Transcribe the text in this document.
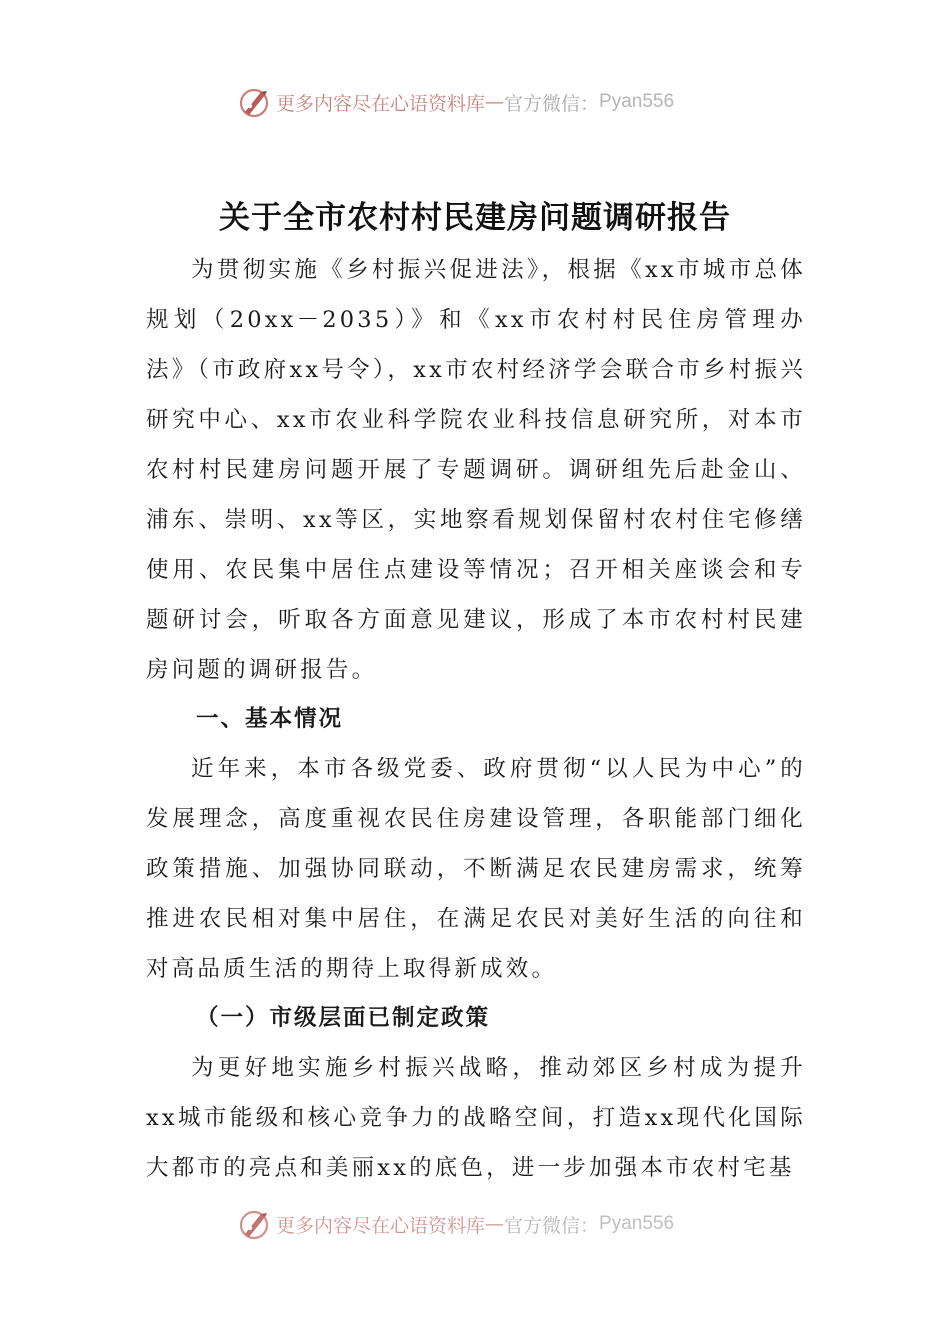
更多内容尽在心语资料库 — 官方微信： Pyan556
关于全市农村村民建房问题调研报告

为贯彻实施《乡村振兴促进法》，根据《xx市城市总体规划（20xx－2035）》和《xx市农村村民住房管理办法》（市政府xx号令），xx市农村经济学会联合市乡村振兴研究中心、xx市农业科学院农业科技信息研究所，对本市农村村民建房问题开展了专题调研。调研组先后赴金山、浦东、崇明、xx等区，实地察看规划保留村农村住宅修缮使用、农民集中居住点建设等情况；召开相关座谈会和专题研讨会，听取各方面意见建议，形成了本市农村村民建房问题的调研报告。

一、基本情况

近年来，本市各级党委、政府贯彻“以人民为中心”的发展理念，高度重视农民住房建设管理，各职能部门细化政策措施、加强协同联动，不断满足农民建房需求，统筹推进农民相对集中居住，在满足农民对美好生活的向往和对高品质生活的期待上取得新成效。

（一）市级层面已制定政策

为更好地实施乡村振兴战略，推动郊区乡村成为提升xx城市能级和核心竞争力的战略空间，打造xx现代化国际大都市的亮点和美丽xx的底色，进一步加强本市农村宅基

更多内容尽在心语资料库 — 官方微信： Pyan556
